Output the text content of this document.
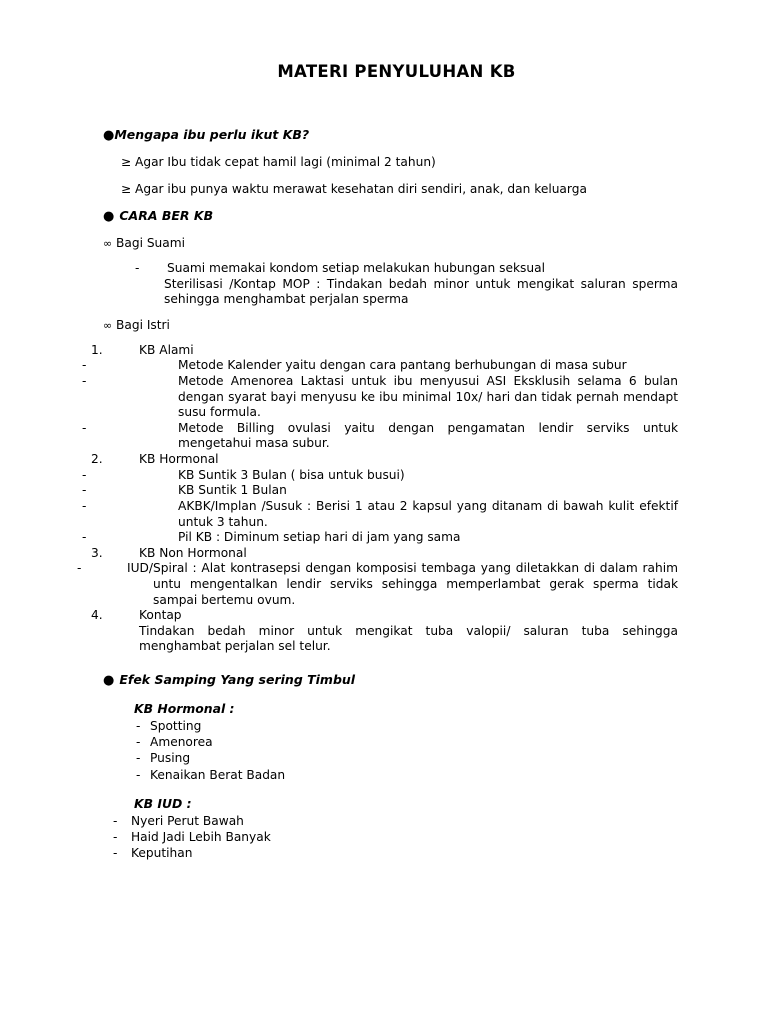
MATERI PENYULUHAN KB

●Mengapa ibu perlu ikut KB?

≥ Agar Ibu tidak cepat hamil lagi (minimal 2 tahun)

≥ Agar ibu punya waktu merawat kesehatan diri sendiri, anak, dan keluarga

● CARA BER KB

∞ Bagi Suami

- Suami memakai kondom setiap melakukan hubungan seksual
Sterilisasi /Kontap MOP : Tindakan bedah minor untuk mengikat saluran sperma sehingga menghambat perjalan sperma

∞ Bagi Istri

1.	KB Alami
-	Metode Kalender yaitu dengan cara pantang berhubungan di masa subur
-	Metode Amenorea Laktasi untuk ibu menyusui ASI Eksklusih selama 6 bulan dengan syarat bayi menyusu ke ibu minimal 10x/ hari dan tidak pernah mendapt susu formula.
-	Metode Billing ovulasi yaitu dengan pengamatan lendir serviks untuk mengetahui masa subur.
2.	KB Hormonal
-	KB Suntik 3 Bulan ( bisa untuk busui)
-	KB Suntik 1 Bulan
-	AKBK/Implan /Susuk : Berisi 1 atau 2 kapsul yang ditanam di bawah kulit efektif untuk 3 tahun.
-	Pil KB : Diminum setiap hari di jam yang sama
3.	KB Non Hormonal
-	IUD/Spiral : Alat kontrasepsi dengan komposisi tembaga yang diletakkan di dalam rahim untu mengentalkan lendir serviks sehingga memperlambat gerak sperma tidak sampai bertemu ovum.
4.	Kontap
Tindakan bedah minor untuk mengikat tuba valopii/ saluran tuba sehingga menghambat perjalan sel telur.

● Efek Samping Yang sering Timbul

KB Hormonal :
- Spotting
- Amenorea
- Pusing
- Kenaikan Berat Badan
KB IUD :
- Nyeri Perut Bawah
- Haid Jadi Lebih Banyak
- Keputihan
